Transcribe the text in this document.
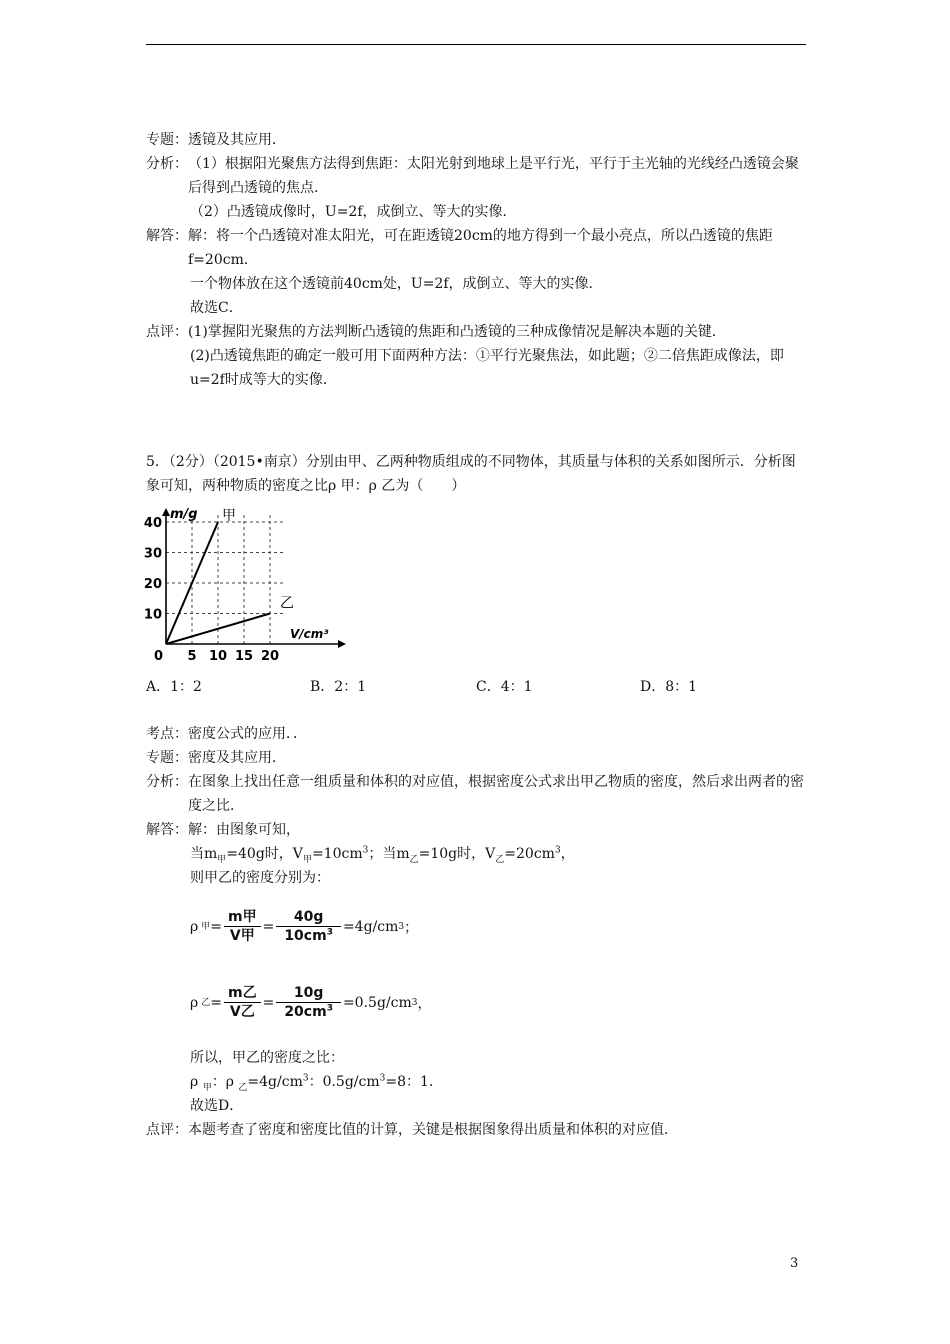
专题： 透镜及其应用．
分析： （1）根据阳光聚焦方法得到焦距：太阳光射到地球上是平行光，平行于主光轴的光线经凸透镜会聚后得到凸透镜的焦点．
（2）凸透镜成像时，U=2f，成倒立、等大的实像．
解答： 解：将一个凸透镜对准太阳光，可在距透镜20cm的地方得到一个最小亮点，所以凸透镜的焦距f=20cm．
一个物体放在这个透镜前40cm处，U=2f，成倒立、等大的实像．
故选C．
点评： (1)掌握阳光聚焦的方法判断凸透镜的焦距和凸透镜的三种成像情况是解决本题的关键．
(2)凸透镜焦距的确定一般可用下面两种方法：①平行光聚焦法，如此题；②二倍焦距成像法，即u=2f时成等大的实像．
5．（2分）（2015•南京）分别由甲、乙两种物质组成的不同物体，其质量与体积的关系如图所示．分析图象可知，两种物质的密度之比ρ 甲：ρ 乙为（　　）
10
20
30
40
5 10 15 20
甲
乙
m/g
V/cm³
0
A．1：2	B．2：1	C．4：1	D．8：1
考点： 密度公式的应用．．
专题： 密度及其应用．
分析： 在图象上找出任意一组质量和体积的对应值，根据密度公式求出甲乙物质的密度，然后求出两者的密度之比．
解答： 解：由图象可知，
当$m_甲=40g$时，$V_甲=10cm^3$；当$m_乙=10g$时，$V_乙=20cm^3$，
则甲乙的密度分别为：
ρ 甲 = $\frac{\text{m甲}}{\text{V甲}} = \frac{40g}{10cm^3} =4g/cm$ 3 ；
ρ 乙 = $\frac{\text{m乙}}{\text{V乙}} = \frac{10g}{20cm^3} =0.5g/cm$ 3 ，
所以，甲乙的密度之比：
ρ $_甲$：ρ $_乙=4g/cm^3$：$0.5g/cm^3=8$：1．
故选D．
点评： 本题考查了密度和密度比值的计算，关键是根据图象得出质量和体积的对应值．
3
